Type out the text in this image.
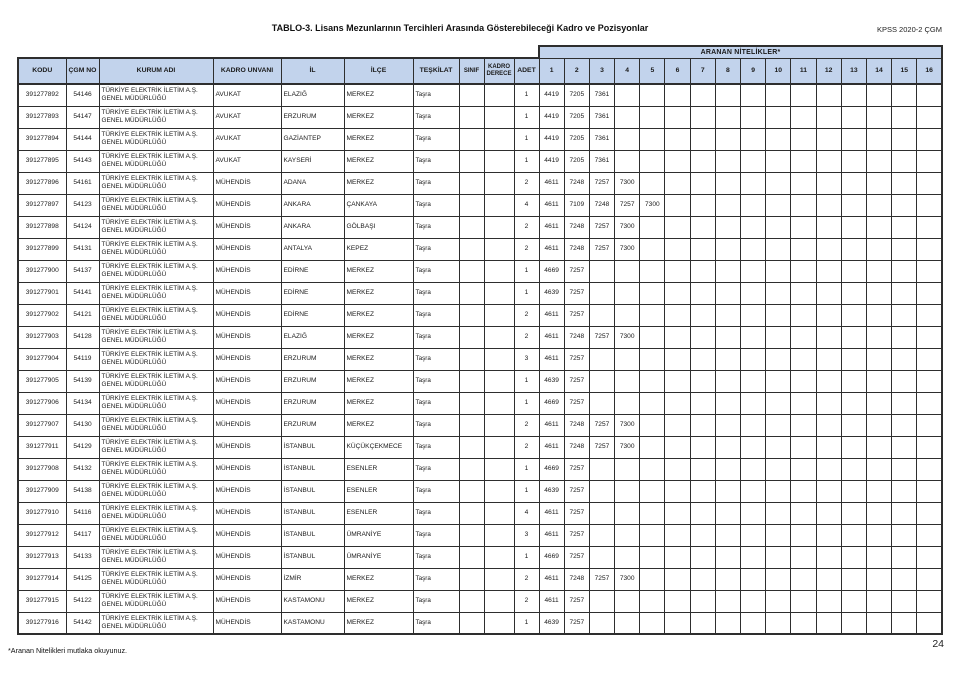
TABLO-3. Lisans Mezunlarının Tercihleri Arasında Gösterebileceği Kadro ve Pozisyonlar	KPSS 2020-2 ÇGM
										ARANAN NİTELİKLER*															
KODU	ÇGM NO	KURUM ADI	KADRO UNVANI	İL	İLÇE	TEŞKİLAT	SINIF	KADRO DERECE	ADET	1	2	3	4	5	6	7	8	9	10	11	12	13	14	15	16
391277892	54146	TÜRKİYE ELEKTRİK İLETİM A.Ş. GENEL MÜDÜRLÜĞÜ	AVUKAT	ELAZIĞ	MERKEZ	Taşra			1	4419	7205	7361													
391277893	54147	TÜRKİYE ELEKTRİK İLETİM A.Ş. GENEL MÜDÜRLÜĞÜ	AVUKAT	ERZURUM	MERKEZ	Taşra			1	4419	7205	7361													
391277894	54144	TÜRKİYE ELEKTRİK İLETİM A.Ş. GENEL MÜDÜRLÜĞÜ	AVUKAT	GAZİANTEP	MERKEZ	Taşra			1	4419	7205	7361													
391277895	54143	TÜRKİYE ELEKTRİK İLETİM A.Ş. GENEL MÜDÜRLÜĞÜ	AVUKAT	KAYSERİ	MERKEZ	Taşra			1	4419	7205	7361													
391277896	54161	TÜRKİYE ELEKTRİK İLETİM A.Ş. GENEL MÜDÜRLÜĞÜ	MÜHENDİS	ADANA	MERKEZ	Taşra			2	4611	7248	7257	7300												
391277897	54123	TÜRKİYE ELEKTRİK İLETİM A.Ş. GENEL MÜDÜRLÜĞÜ	MÜHENDİS	ANKARA	ÇANKAYA	Taşra			4	4611	7109	7248	7257	7300											
391277898	54124	TÜRKİYE ELEKTRİK İLETİM A.Ş. GENEL MÜDÜRLÜĞÜ	MÜHENDİS	ANKARA	GÖLBAŞI	Taşra			2	4611	7248	7257	7300												
391277899	54131	TÜRKİYE ELEKTRİK İLETİM A.Ş. GENEL MÜDÜRLÜĞÜ	MÜHENDİS	ANTALYA	KEPEZ	Taşra			2	4611	7248	7257	7300												
391277900	54137	TÜRKİYE ELEKTRİK İLETİM A.Ş. GENEL MÜDÜRLÜĞÜ	MÜHENDİS	EDİRNE	MERKEZ	Taşra			1	4669	7257														
391277901	54141	TÜRKİYE ELEKTRİK İLETİM A.Ş. GENEL MÜDÜRLÜĞÜ	MÜHENDİS	EDİRNE	MERKEZ	Taşra			1	4639	7257														
391277902	54121	TÜRKİYE ELEKTRİK İLETİM A.Ş. GENEL MÜDÜRLÜĞÜ	MÜHENDİS	EDİRNE	MERKEZ	Taşra			2	4611	7257														
391277903	54128	TÜRKİYE ELEKTRİK İLETİM A.Ş. GENEL MÜDÜRLÜĞÜ	MÜHENDİS	ELAZIĞ	MERKEZ	Taşra			2	4611	7248	7257	7300												
391277904	54119	TÜRKİYE ELEKTRİK İLETİM A.Ş. GENEL MÜDÜRLÜĞÜ	MÜHENDİS	ERZURUM	MERKEZ	Taşra			3	4611	7257														
391277905	54139	TÜRKİYE ELEKTRİK İLETİM A.Ş. GENEL MÜDÜRLÜĞÜ	MÜHENDİS	ERZURUM	MERKEZ	Taşra			1	4639	7257														
391277906	54134	TÜRKİYE ELEKTRİK İLETİM A.Ş. GENEL MÜDÜRLÜĞÜ	MÜHENDİS	ERZURUM	MERKEZ	Taşra			1	4669	7257														
391277907	54130	TÜRKİYE ELEKTRİK İLETİM A.Ş. GENEL MÜDÜRLÜĞÜ	MÜHENDİS	ERZURUM	MERKEZ	Taşra			2	4611	7248	7257	7300												
391277911	54129	TÜRKİYE ELEKTRİK İLETİM A.Ş. GENEL MÜDÜRLÜĞÜ	MÜHENDİS	İSTANBUL	KÜÇÜKÇEKMECE	Taşra			2	4611	7248	7257	7300												
391277908	54132	TÜRKİYE ELEKTRİK İLETİM A.Ş. GENEL MÜDÜRLÜĞÜ	MÜHENDİS	İSTANBUL	ESENLER	Taşra			1	4669	7257														
391277909	54138	TÜRKİYE ELEKTRİK İLETİM A.Ş. GENEL MÜDÜRLÜĞÜ	MÜHENDİS	İSTANBUL	ESENLER	Taşra			1	4639	7257														
391277910	54116	TÜRKİYE ELEKTRİK İLETİM A.Ş. GENEL MÜDÜRLÜĞÜ	MÜHENDİS	İSTANBUL	ESENLER	Taşra			4	4611	7257														
391277912	54117	TÜRKİYE ELEKTRİK İLETİM A.Ş. GENEL MÜDÜRLÜĞÜ	MÜHENDİS	İSTANBUL	ÜMRANİYE	Taşra			3	4611	7257														
391277913	54133	TÜRKİYE ELEKTRİK İLETİM A.Ş. GENEL MÜDÜRLÜĞÜ	MÜHENDİS	İSTANBUL	ÜMRANİYE	Taşra			1	4669	7257														
391277914	54125	TÜRKİYE ELEKTRİK İLETİM A.Ş. GENEL MÜDÜRLÜĞÜ	MÜHENDİS	İZMİR	MERKEZ	Taşra			2	4611	7248	7257	7300												
391277915	54122	TÜRKİYE ELEKTRİK İLETİM A.Ş. GENEL MÜDÜRLÜĞÜ	MÜHENDİS	KASTAMONU	MERKEZ	Taşra			2	4611	7257														
391277916	54142	TÜRKİYE ELEKTRİK İLETİM A.Ş. GENEL MÜDÜRLÜĞÜ	MÜHENDİS	KASTAMONU	MERKEZ	Taşra			1	4639	7257														
*Aranan Nitelikleri mutlaka okuyunuz.
24
